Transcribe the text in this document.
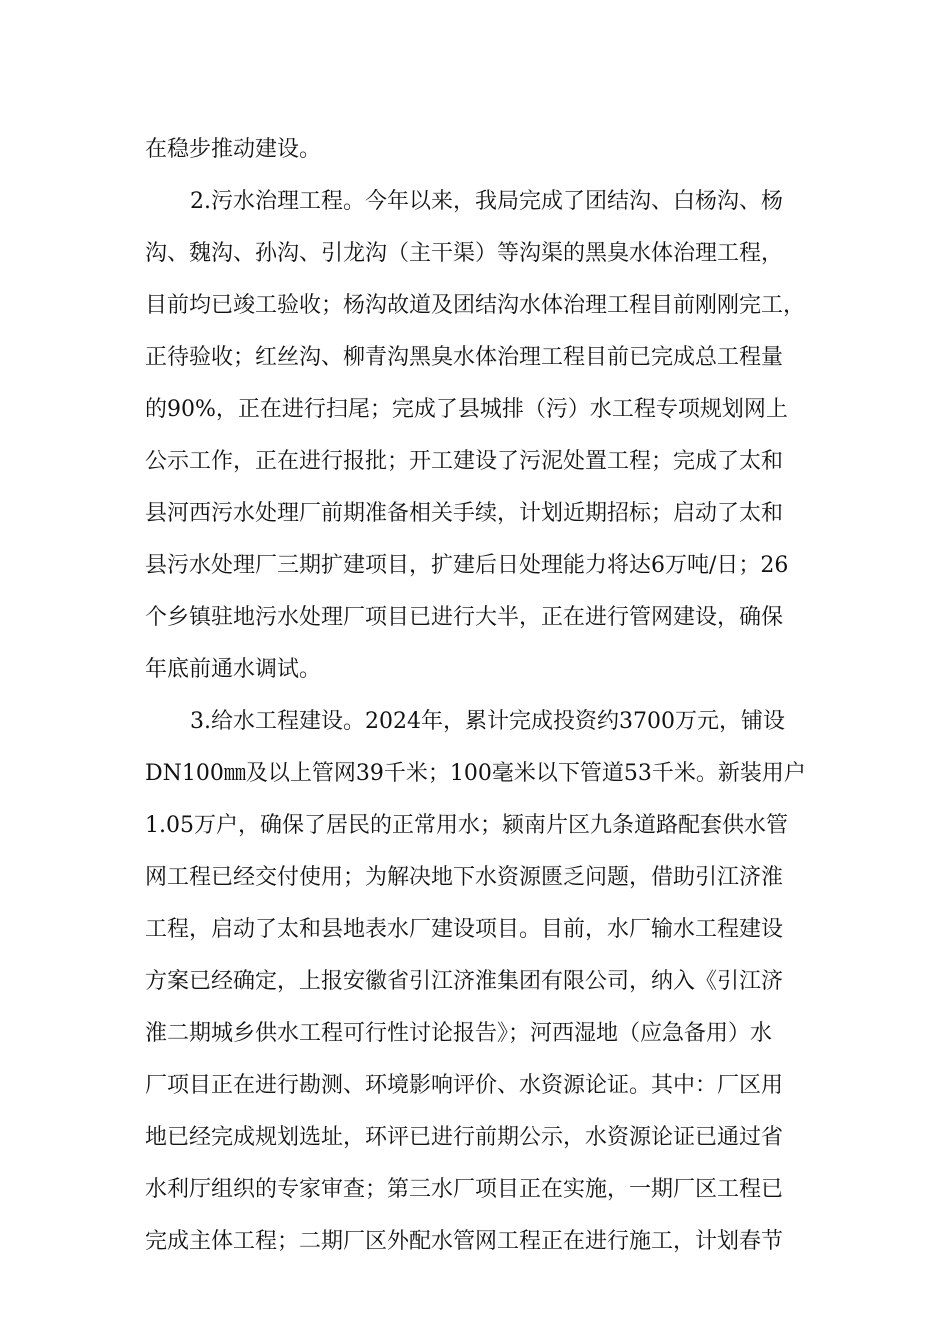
在稳步推动建设。
2.污水治理工程。今年以来，我局完成了团结沟、白杨沟、杨
沟、魏沟、孙沟、引龙沟（主干渠）等沟渠的黑臭水体治理工程，
目前均已竣工验收；杨沟故道及团结沟水体治理工程目前刚刚完工，
正待验收；红丝沟、柳青沟黑臭水体治理工程目前已完成总工程量
的90%，正在进行扫尾；完成了县城排（污）水工程专项规划网上
公示工作，正在进行报批；开工建设了污泥处置工程；完成了太和
县河西污水处理厂前期准备相关手续，计划近期招标；启动了太和
县污水处理厂三期扩建项目，扩建后日处理能力将达6万吨/日；26
个乡镇驻地污水处理厂项目已进行大半，正在进行管网建设，确保
年底前通水调试。
3.给水工程建设。2024年，累计完成投资约3700万元，铺设
DN100㎜及以上管网39千米；100毫米以下管道53千米。新装用户
1.05万户，确保了居民的正常用水；颍南片区九条道路配套供水管
网工程已经交付使用；为解决地下水资源匮乏问题，借助引江济淮
工程，启动了太和县地表水厂建设项目。目前，水厂输水工程建设
方案已经确定，上报安徽省引江济淮集团有限公司，纳入《引江济
淮二期城乡供水工程可行性讨论报告》；河西湿地（应急备用）水
厂项目正在进行勘测、环境影响评价、水资源论证。其中：厂区用
地已经完成规划选址，环评已进行前期公示，水资源论证已通过省
水利厅组织的专家审查；第三水厂项目正在实施，一期厂区工程已
完成主体工程；二期厂区外配水管网工程正在进行施工，计划春节
